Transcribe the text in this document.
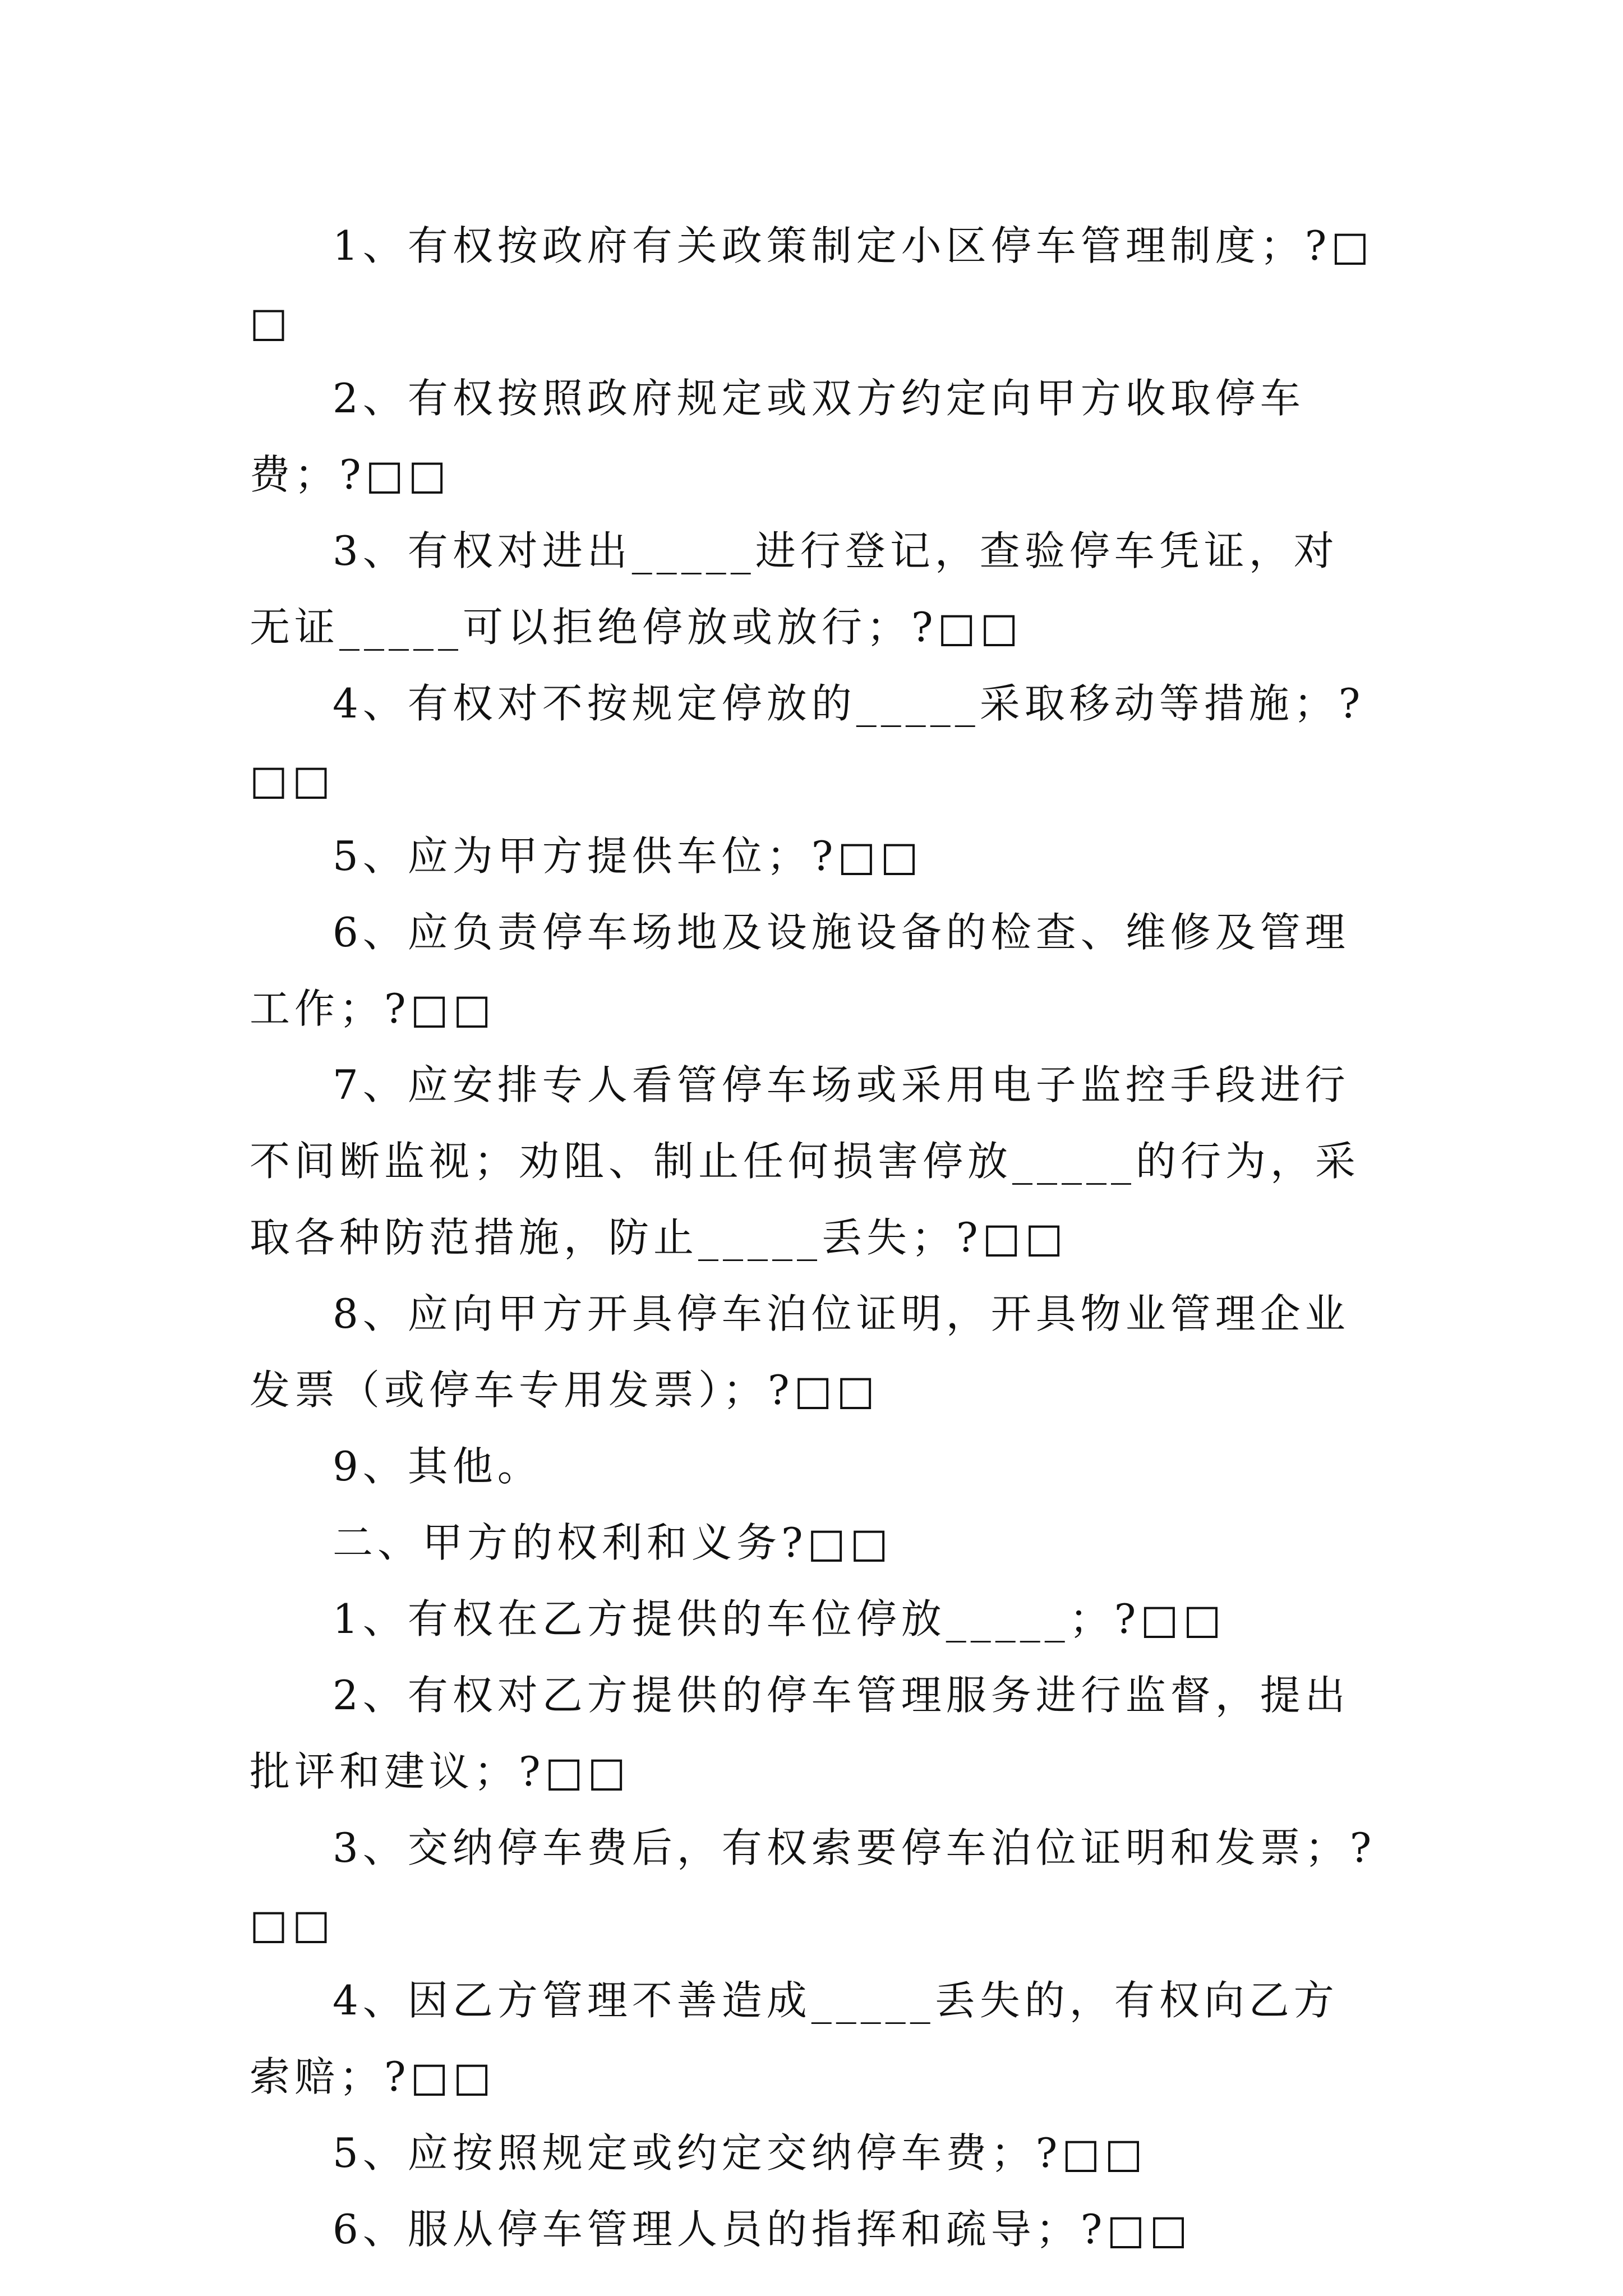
1、有权按政府有关政策制定小区停车管理制度；?□□

2、有权按照政府规定或双方约定向甲方收取停车费；?□□

3、有权对进出_____进行登记，查验停车凭证，对无证_____可以拒绝停放或放行；?□□

4、有权对不按规定停放的_____采取移动等措施；?□□

5、应为甲方提供车位；?□□

6、应负责停车场地及设施设备的检查、维修及管理工作；?□□

7、应安排专人看管停车场或采用电子监控手段进行不间断监视；劝阻、制止任何损害停放_____的行为，采取各种防范措施，防止_____丢失；?□□

8、应向甲方开具停车泊位证明，开具物业管理企业发票（或停车专用发票）；?□□

9、其他。

二、甲方的权利和义务?□□

1、有权在乙方提供的车位停放_____；?□□

2、有权对乙方提供的停车管理服务进行监督，提出批评和建议；?□□

3、交纳停车费后，有权索要停车泊位证明和发票；?□□

4、因乙方管理不善造成_____丢失的，有权向乙方索赔；?□□

5、应按照规定或约定交纳停车费；?□□

6、服从停车管理人员的指挥和疏导；?□□
